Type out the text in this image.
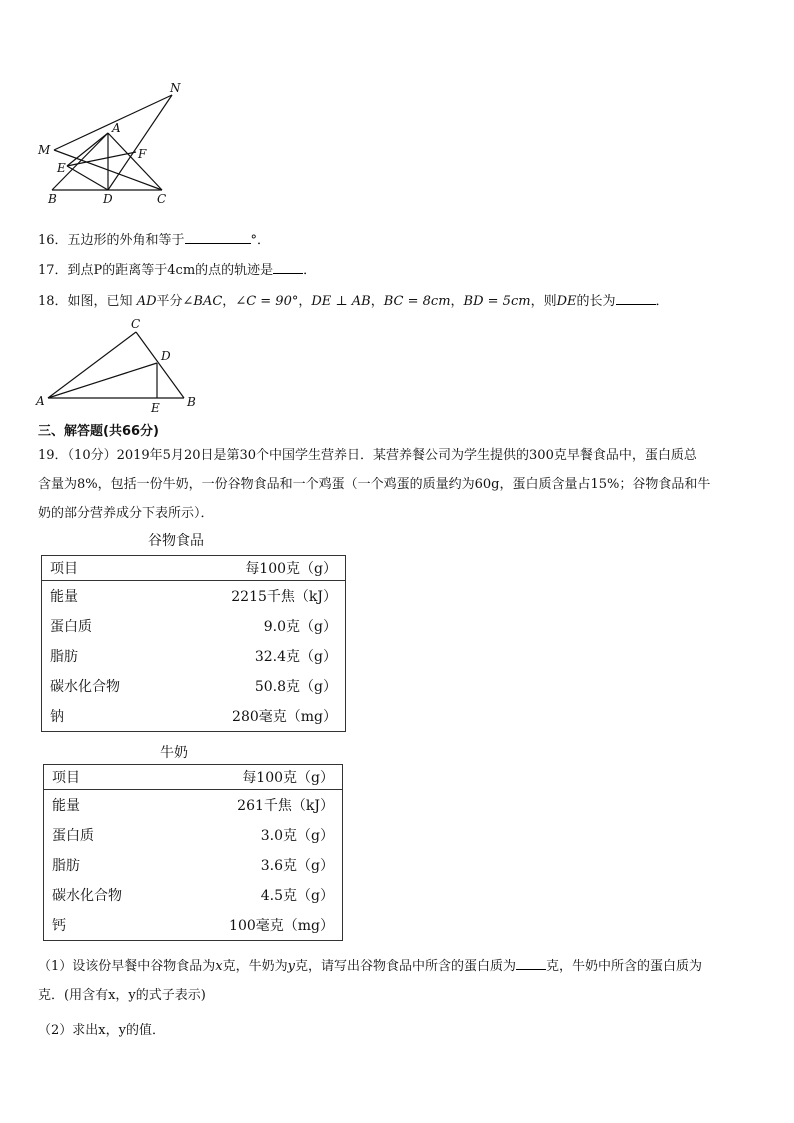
N
M
A
E
F
B	D	C
16．五边形的外角和等于	°．
17．到点P的距离等于4cm的点的轨迹是 ．
18．如图，已知 AD平分∠BAC，∠C = 90°，DE ⊥ AB，BC = 8cm，BD = 5cm，则DE的长为	．
C
D
A	E B
三、解答题(共66分)
19．（10分）2019年5月20日是第30个中国学生营养日．某营养餐公司为学生提供的300克早餐食品中，蛋白质总
含量为8%，包括一份牛奶，一份谷物食品和一个鸡蛋（一个鸡蛋的质量约为60g，蛋白质含量占15%；谷物食品和牛
奶的部分营养成分下表所示）．
谷物食品
项目	每100克（g）
能量	2215千焦（kJ）
蛋白质	9.0克（g）
脂肪	32.4克（g）
碳水化合物	50.8克（g）
钠	280毫克（mg）
牛奶
项目	每100克（g）
能量	261千焦（kJ）
蛋白质	3.0克（g）
脂肪	3.6克（g）
碳水化合物	4.5克（g）
钙	100毫克（mg）
（1）设该份早餐中谷物食品为x克，牛奶为y克，请写出谷物食品中所含的蛋白质为 克，牛奶中所含的蛋白质为
克．(用含有x，y的式子表示)
（2）求出x，y的值．
